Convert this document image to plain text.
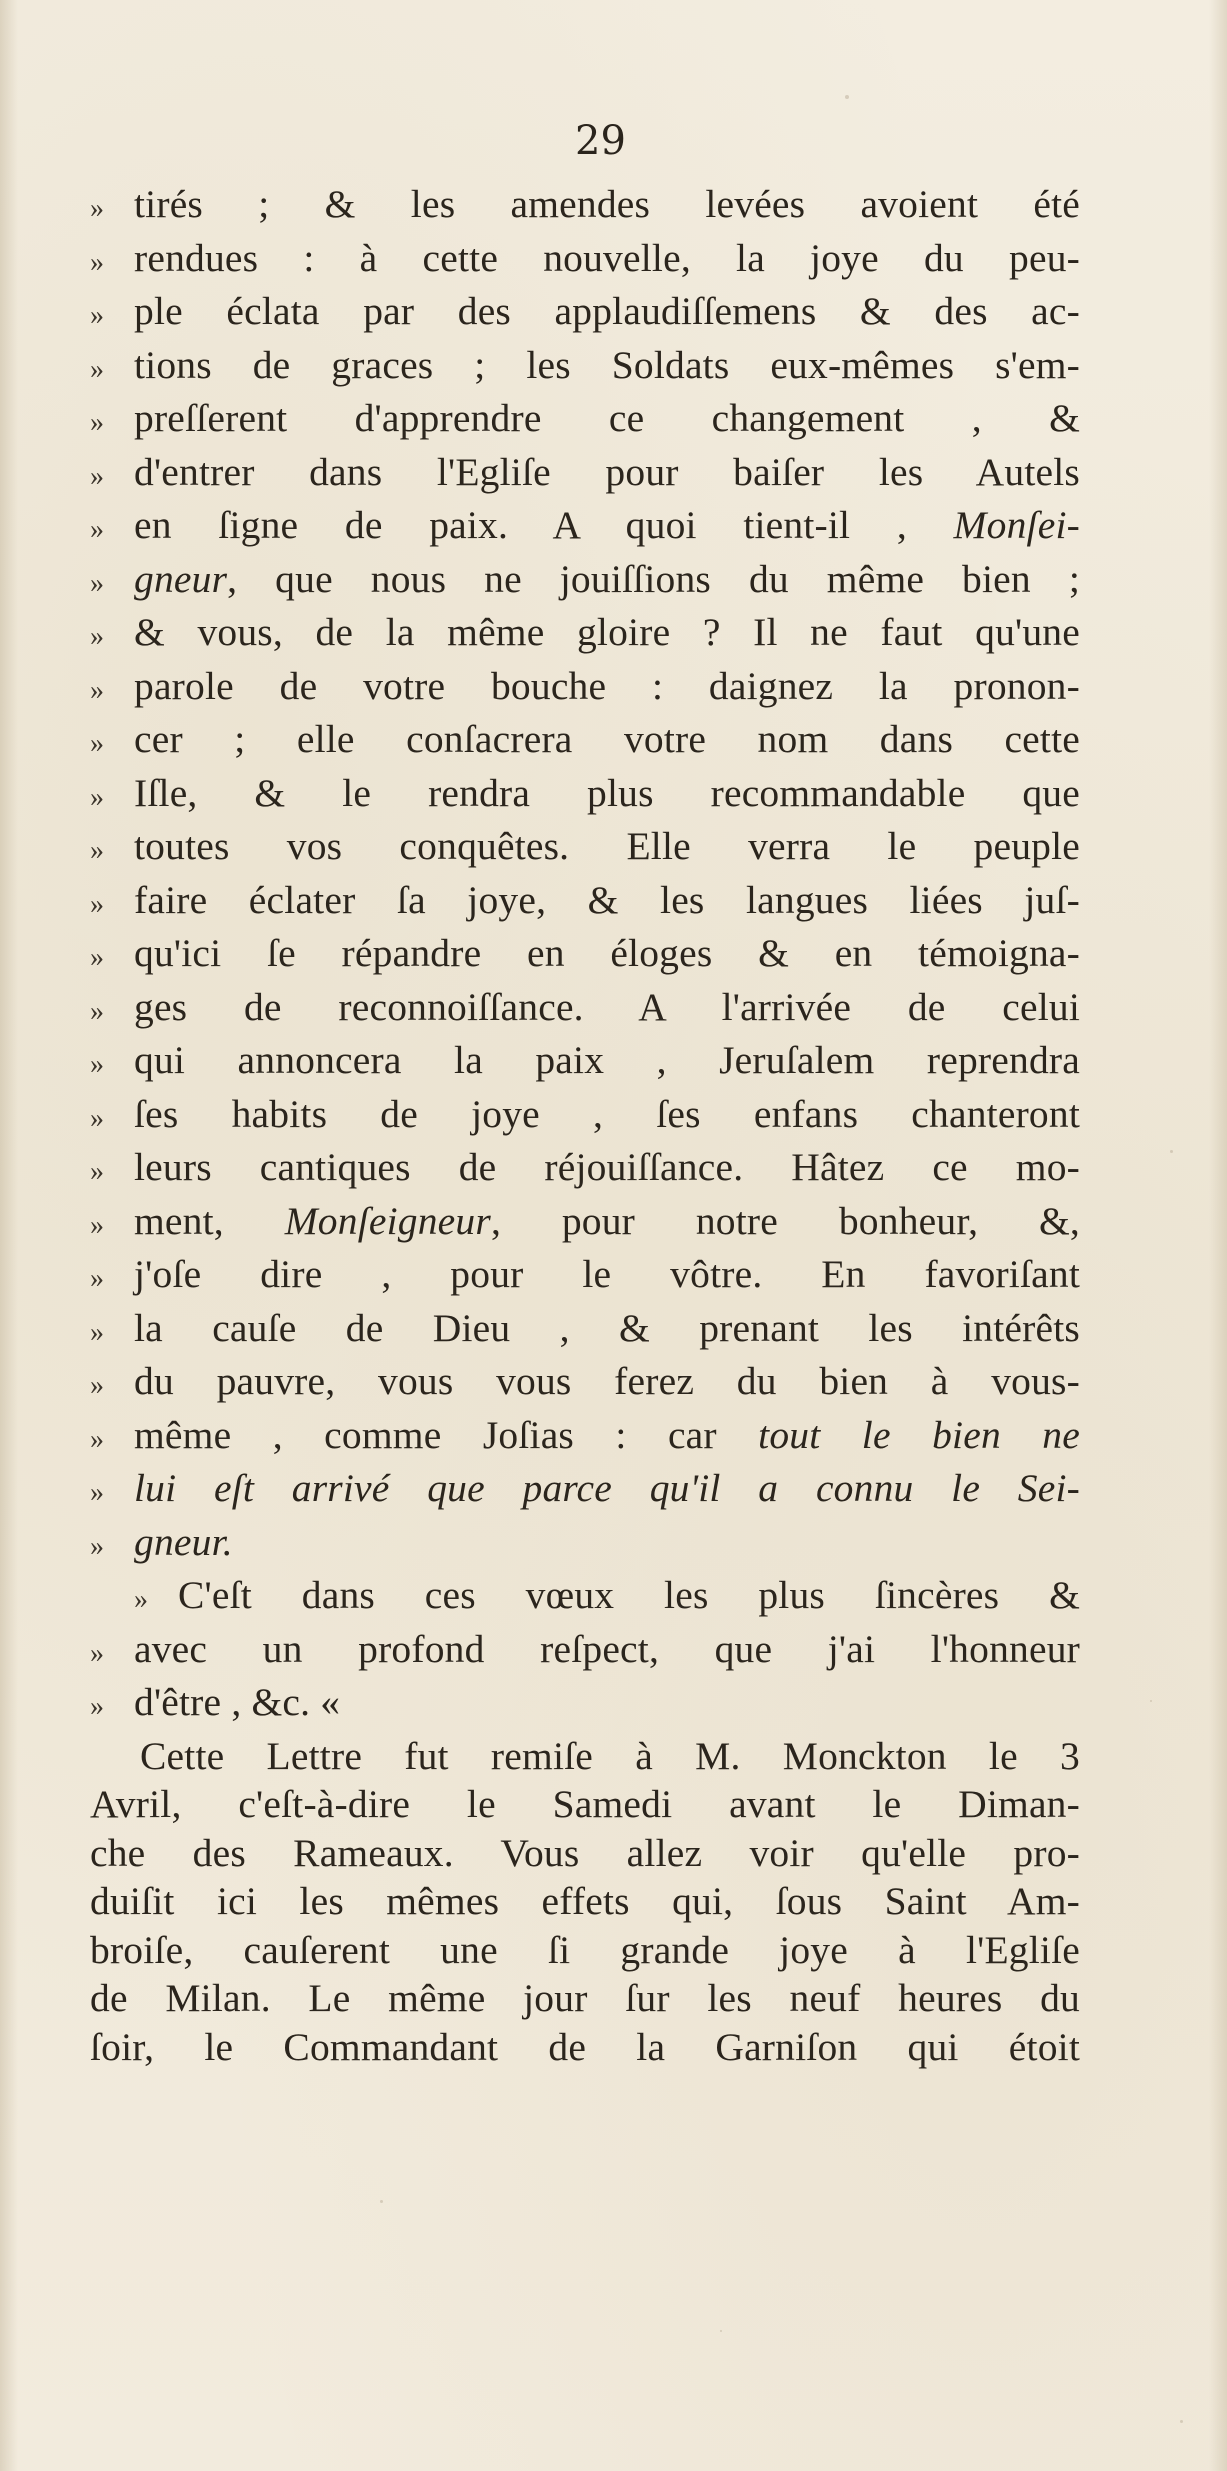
29
» tirés ; & les amendes levées avoient été
» rendues : à cette nouvelle, la joye du peu-
» ple éclata par des applaudiſſemens & des ac-
» tions de graces ; les Soldats eux-mêmes s'em-
» preſſerent d'apprendre ce changement , &
» d'entrer dans l'Egliſe pour baiſer les Autels
» en ſigne de paix. A quoi tient-il , Monſei-
» gneur, que nous ne jouiſſions du même bien ;
» & vous, de la même gloire ? Il ne faut qu'une
» parole de votre bouche : daignez la pronon-
» cer ; elle conſacrera votre nom dans cette
» Iſle, & le rendra plus recommandable que
» toutes vos conquêtes. Elle verra le peuple
» faire éclater ſa joye, & les langues liées juſ-
» qu'ici ſe répandre en éloges & en témoigna-
» ges de reconnoiſſance. A l'arrivée de celui
» qui annoncera la paix , Jeruſalem reprendra
» ſes habits de joye , ſes enfans chanteront
» leurs cantiques de réjouiſſance. Hâtez ce mo-
» ment, Monſeigneur, pour notre bonheur, &,
» j'oſe dire , pour le vôtre. En favoriſant
» la cauſe de Dieu , & prenant les intérêts
» du pauvre, vous vous ferez du bien à vous-
» même , comme Joſias : car tout le bien ne
» lui eſt arrivé que parce qu'il a connu le Sei-
» gneur.
» C'eſt dans ces vœux les plus ſincères &
» avec un profond reſpect, que j'ai l'honneur
» d'être , &c. «
Cette Lettre fut remiſe à M. Monckton le 3
Avril, c'eſt-à-dire le Samedi avant le Diman-
che des Rameaux. Vous allez voir qu'elle pro-
duiſit ici les mêmes effets qui, ſous Saint Am-
broiſe, cauſerent une ſi grande joye à l'Egliſe
de Milan. Le même jour ſur les neuf heures du
ſoir, le Commandant de la Garniſon qui étoit
